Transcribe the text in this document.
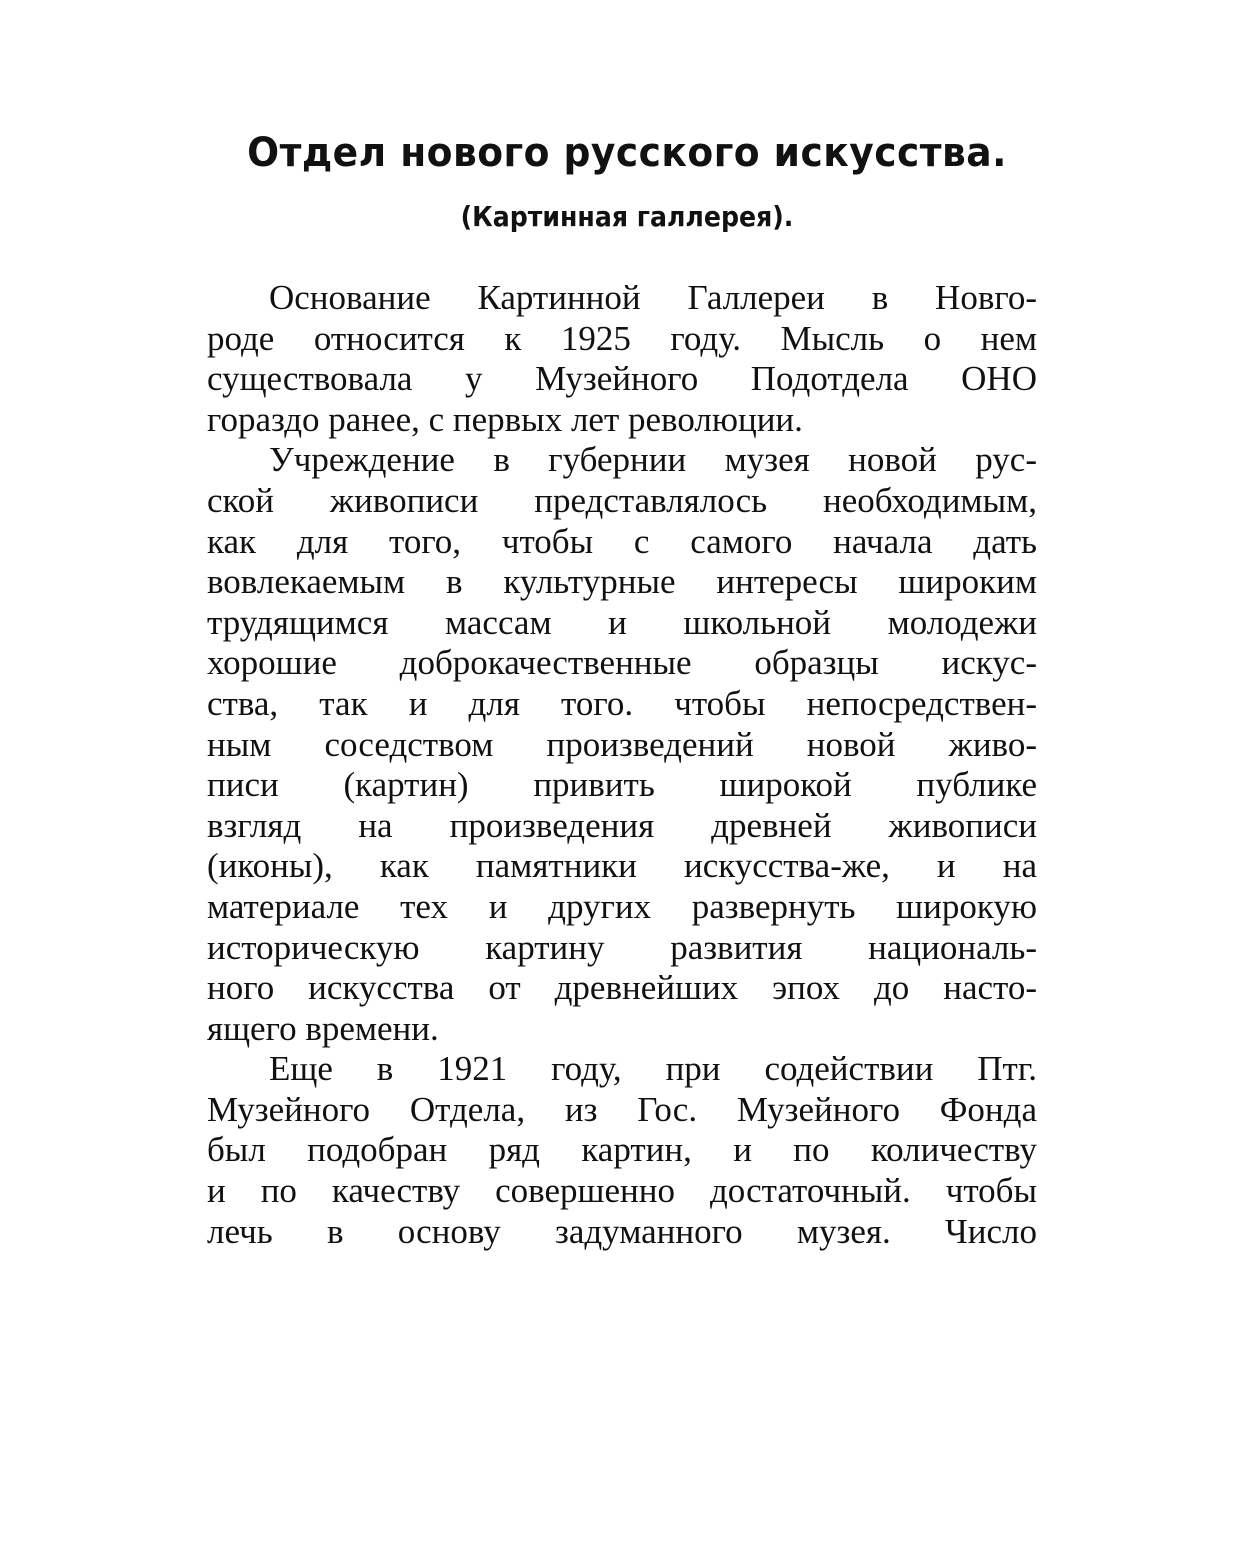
Отдел нового русского искусства.
(Картинная галлерея).
Основание Картинной Галлереи в Новго-
роде относится к 1925 году. Мысль о нем
существовала у Музейного Подотдела ОНО
гораздо ранее, с первых лет революции.
Учреждение в губернии музея новой рус-
ской живописи представлялось необходимым,
как для того, чтобы с самого начала дать
вовлекаемым в культурные интересы широким
трудящимся массам и школьной молодежи
хорошие доброкачественные образцы искус-
ства, так и для того. чтобы непосредствен-
ным соседством произведений новой живо-
писи (картин) привить широкой публике
взгляд на произведения древней живописи
(иконы), как памятники искусства-же, и на
материале тех и других развернуть широкую
историческую картину развития националь-
ного искусства от древнейших эпох до насто-
ящего времени.
Еще в 1921 году, при содействии Птг.
Музейного Отдела, из Гос. Музейного Фонда
был подобран ряд картин, и по количеству
и по качеству совершенно достаточный. чтобы
лечь в основу задуманного музея. Число
